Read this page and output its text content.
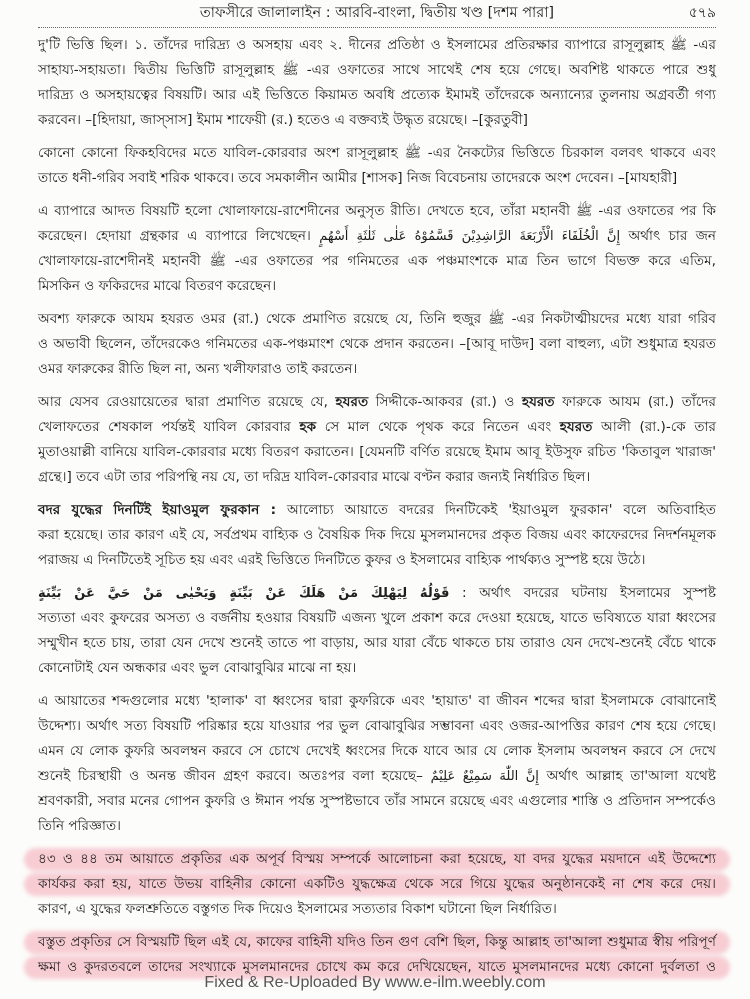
তাফসীরে জালালাইন : আরবি-বাংলা, দ্বিতীয় খণ্ড [দশম পারা]	৫৭৯
দু'টি ভিত্তি ছিল। ১. তাঁদের দারিদ্র্য ও অসহায় এবং ২. দীনের প্রতিষ্ঠা ও ইসলামের প্রতিরক্ষার ব্যাপারে রাসূলুল্লাহ ﷺ -এর
সাহায্য-সহায়তা। দ্বিতীয় ভিত্তিটি রাসূলুল্লাহ ﷺ -এর ওফাতের সাথে সাথেই শেষ হয়ে গেছে। অবশিষ্ট থাকতে পারে শুধু
দারিদ্র্য ও অসহায়ত্বের বিষয়টি। আর এই ভিত্তিতে কিয়ামত অবধি প্রত্যেক ইমামই তাঁদেরকে অন্যান্যের তুলনায় অগ্রবর্তী গণ্য
করবেন। –[হিদায়া, জাস্সাস] ইমাম শাফেয়ী (র.) হতেও এ বক্তব্যই উদ্ধৃত রয়েছে। –[কুরতুবী]
কোনো কোনো ফিকহবিদের মতে যাবিল-কোরবার অংশ রাসূলুল্লাহ ﷺ -এর নৈকট্যের ভিত্তিতে চিরকাল বলবৎ থাকবে এবং
তাতে ধনী-গরিব সবাই শরিক থাকবে। তবে সমকালীন আমীর [শাসক] নিজ বিবেচনায় তাদেরকে অংশ দেবেন। –[মাযহারী]
এ ব্যাপারে আদত বিষয়টি হলো খোলাফায়ে-রাশেদীনের অনুসৃত রীতি। দেখতে হবে, তাঁরা মহানবী ﷺ -এর ওফাতের পর কি
করেছেন। হেদায়া গ্রন্থকার এ ব্যাপারে লিখেছেন। إِنَّ الْخُلَفَاءَ الْأَرْبَعَةَ الرَّاشِدِيْنَ قَسَّمُوْهُ عَلٰى ثَلٰثَةِ أَسْهُمٍ অর্থাৎ চার জন
খোলাফায়ে-রাশেদীনই মহানবী ﷺ -এর ওফাতের পর গনিমতের এক পঞ্চমাংশকে মাত্র তিন ভাগে বিভক্ত করে এতিম,
মিসকিন ও ফকিরদের মাঝে বিতরণ করেছেন।
অবশ্য ফারুকে আযম হযরত ওমর (রা.) থেকে প্রমাণিত রয়েছে যে, তিনি হুজুর ﷺ -এর নিকটাত্মীয়দের মধ্যে যারা গরিব
ও অভাবী ছিলেন, তাঁদেরকেও গনিমতের এক-পঞ্চমাংশ থেকে প্রদান করতেন। –[আবূ দাউদ] বলা বাহুল্য, এটা শুধুমাত্র হযরত
ওমর ফারুকের রীতি ছিল না, অন্য খলীফারাও তাই করতেন।
আর যেসব রেওয়ায়েতের দ্বারা প্রমাণিত রয়েছে যে, হযরত সিদ্দীকে-আকবর (রা.) ও হযরত ফারুকে আযম (রা.) তাঁদের
খেলাফতের শেষকাল পর্যন্তই যাবিল কোরবার হক সে মাল থেকে পৃথক করে নিতেন এবং হযরত আলী (রা.)-কে তার
মুতাওয়াল্লী বানিয়ে যাবিল-কোরবার মধ্যে বিতরণ করাতেন। [যেমনটি বর্ণিত রয়েছে ইমাম আবূ ইউসুফ রচিত 'কিতাবুল খারাজ'
গ্রন্থে।] তবে এটা তার পরিপন্থি নয় যে, তা দরিদ্র যাবিল-কোরবার মাঝে বণ্টন করার জন্যই নির্ধারিত ছিল।
বদর যুদ্ধের দিনটিই ইয়াওমুল ফুরকান : আলোচ্য আয়াতে বদরের দিনটিকেই 'ইয়াওমুল ফুরকান' বলে অতিবাহিত
করা হয়েছে। তার কারণ এই যে, সর্বপ্রথম বাহ্যিক ও বৈষয়িক দিক দিয়ে মুসলমানদের প্রকৃত বিজয় এবং কাফেরদের নিদর্শনমূলক
পরাজয় এ দিনটিতেই সূচিত হয় এবং এরই ভিত্তিতে দিনটিতে কুফর ও ইসলামের বাহ্যিক পার্থক্যও সুস্পষ্ট হয়ে উঠে।
قَوْلُهُ لِيَهْلِكَ مَنْ هَلَكَ عَنْ بَيِّنَةٍ وَيَحْيٰى مَنْ حَيَّ عَنْ بَيِّنَةٍ : অর্থাৎ বদরের ঘটনায় ইসলামের সুস্পষ্ট
সত্যতা এবং কুফরের অসত্য ও বর্জনীয় হওয়ার বিষয়টি এজন্য খুলে প্রকাশ করে দেওয়া হয়েছে, যাতে ভবিষ্যতে যারা ধ্বংসের
সম্মুখীন হতে চায়, তারা যেন দেখে শুনেই তাতে পা বাড়ায়, আর যারা বেঁচে থাকতে চায় তারাও যেন দেখে-শুনেই বেঁচে থাকে
কোনোটাই যেন অন্ধকার এবং ভুল বোঝাবুঝির মাঝে না হয়।
এ আয়াতের শব্দগুলোর মধ্যে 'হালাক' বা ধ্বংসের দ্বারা কুফরিকে এবং 'হায়াত' বা জীবন শব্দের দ্বারা ইসলামকে বোঝানোই
উদ্দেশ্য। অর্থাৎ সত্য বিষয়টি পরিষ্কার হয়ে যাওয়ার পর ভুল বোঝাবুঝির সম্ভাবনা এবং ওজর-আপত্তির কারণ শেষ হয়ে গেছে।
এমন যে লোক কুফরি অবলম্বন করবে সে চোখে দেখেই ধ্বংসের দিকে যাবে আর যে লোক ইসলাম অবলম্বন করবে সে দেখে
শুনেই চিরস্থায়ী ও অনন্ত জীবন গ্রহণ করবে। অতঃপর বলা হয়েছে– إِنَّ اللّٰهَ سَمِيْعٌ عَلِيْمٌ অর্থাৎ আল্লাহ তা'আলা যথেষ্ট
শ্রবণকারী, সবার মনের গোপন কুফরি ও ঈমান পর্যন্ত সুস্পষ্টভাবে তাঁর সামনে রয়েছে এবং এগুলোর শাস্তি ও প্রতিদান সম্পর্কেও
তিনি পরিজ্ঞাত।
৪৩ ও ৪৪ তম আয়াতে প্রকৃতির এক অপূর্ব বিস্ময় সম্পর্কে আলোচনা করা হয়েছে, যা বদর যুদ্ধের ময়দানে এই উদ্দেশ্যে
কার্যকর করা হয়, যাতে উভয় বাহিনীর কোনো একটিও যুদ্ধক্ষেত্র থেকে সরে গিয়ে যুদ্ধের অনুষ্ঠানকেই না শেষ করে দেয়।
কারণ, এ যুদ্ধের ফলশ্রুতিতে বস্তুগত দিক দিয়েও ইসলামের সত্যতার বিকাশ ঘটানো ছিল নির্ধারিত।
বস্তুত প্রকৃতির সে বিস্ময়টি ছিল এই যে, কাফের বাহিনী যদিও তিন গুণ বেশি ছিল, কিন্তু আল্লাহ তা'আলা শুধুমাত্র স্বীয় পরিপূর্ণ
ক্ষমা ও কুদরতবলে তাদের সংখ্যাকে মুসলমানদের চোখে কম করে দেখিয়েছেন, যাতে মুসলমানদের মধ্যে কোনো দুর্বলতা ও
Fixed & Re-Uploaded By www.e-ilm.weebly.com
